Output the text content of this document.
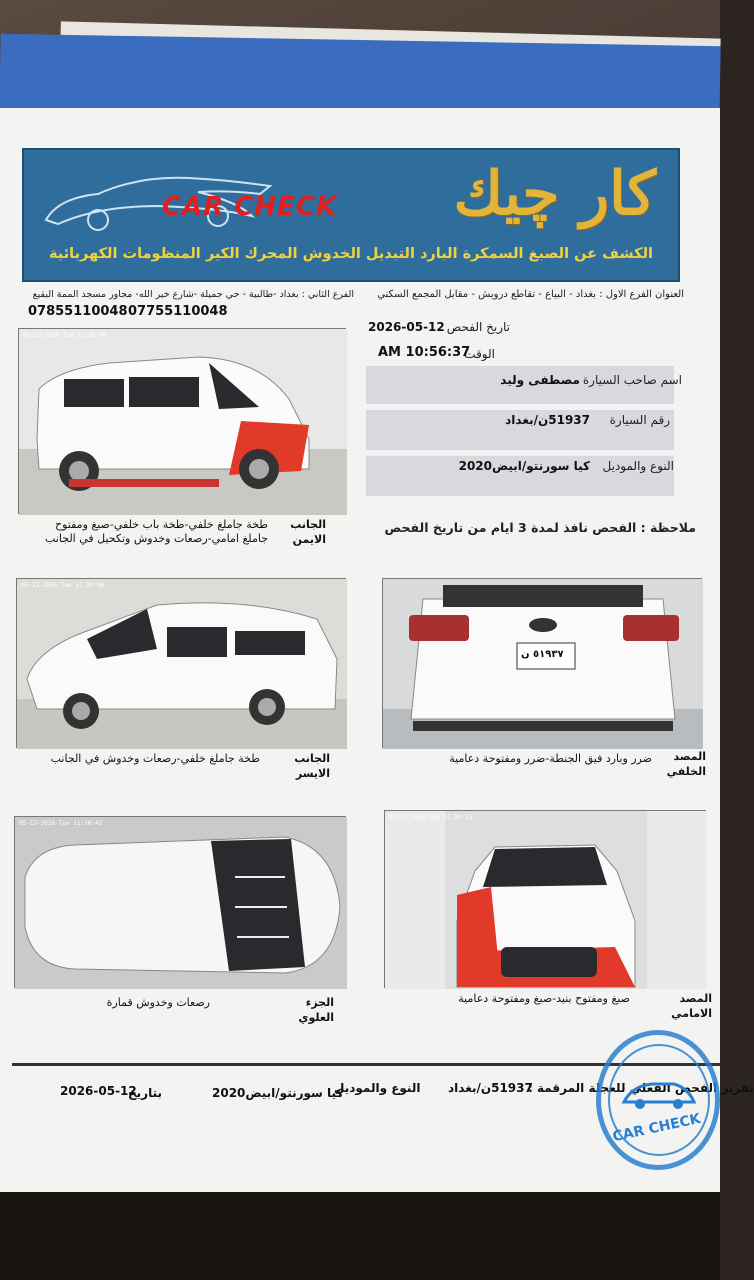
CAR CHECK كار چيك
الكشف عن الصبغ السمكرة البارد التبديل الخدوش المحرك الكير المنظومات الكهربائية
العنوان الفرع الاول : بغداد - البياع - تقاطع درويش - مقابل المجمع السكني
الفرع الثاني : بغداد -طالبية - حي جميلة -شارع خير الله- مجاور مسجد الممة البقيع
07855110048 07755110048
تاريخ الفحص
2026-05-12
الوقت
10:56:37 AM
اسم صاحب السيارة
مصطفى وليد
رقم السيارة
51937ن/بغداد
النوع والموديل
كيا سورنتو/ابيض2020
ملاحظة : الفحص نافذ لمدة 3 ايام من تاريخ الفحص
05-12-2026 Tue 11:30:40
الجانب الايمن
طخة جاملغ خلفي-طخة باب خلفي-صبغ ومفتوح جاملغ امامي-رصعات وخدوش وتكحيل في الجانب
05-12-2026 Tue 11:30:46
الجانب الايسر
طخة جاملغ خلفي-رصعات وخدوش في الجانب
٥١٩٣٧ ن
المصد الخلفي
ضرر وبارد فيق الجنطة-ضرر ومفتوحة دعامية
05-12-2026 Tue 11:30:42
الجزء العلوي
رصعات وخدوش قمارة
05-12-2026 Tue 11:30:23
المصد الامامي
صبغ ومفتوح بنيد-صبغ ومفتوحة دعامية
تقرير الفحص الفعلي للعجلة المرقمة :
51937ن/بغداد
النوع والموديل
كيا سورنتو/ابيض2020
بتاريخ
2026-05-12
CAR CHECK
